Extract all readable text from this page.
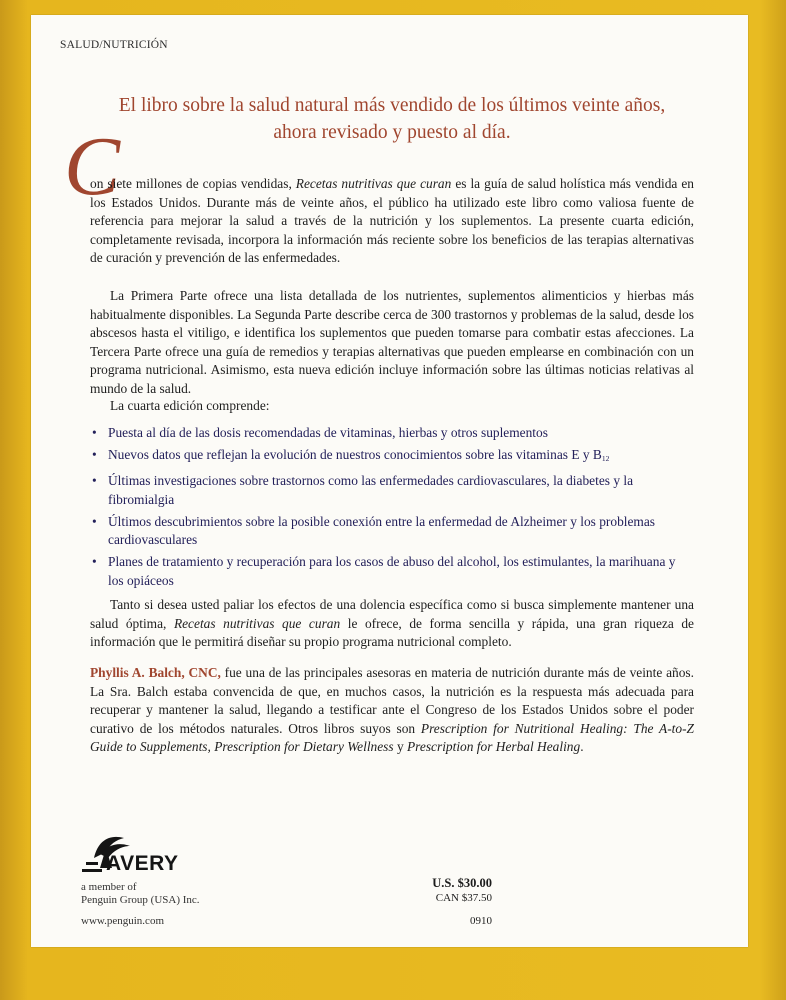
SALUD/NUTRICIÓN
El libro sobre la salud natural más vendido de los últimos veinte años,
ahora revisado y puesto al día.
C
on siete millones de copias vendidas, Recetas nutritivas que curan es la guía de salud holística más vendida en los Estados Unidos. Durante más de veinte años, el público ha utilizado este libro como valiosa fuente de referencia para mejorar la salud a través de la nutrición y los suplementos. La presente cuarta edición, completamente revisada, incorpora la información más reciente sobre los beneficios de las terapias alternativas de curación y prevención de las enfermedades.
La Primera Parte ofrece una lista detallada de los nutrientes, suplementos alimenticios y hierbas más habitualmente disponibles. La Segunda Parte describe cerca de 300 trastornos y problemas de la salud, desde los abscesos hasta el vitiligo, e identifica los suplementos que pueden tomarse para combatir estas afecciones. La Tercera Parte ofrece una guía de remedios y terapias alternativas que pueden emplearse en combinación con un programa nutricional. Asimismo, esta nueva edición incluye información sobre las últimas noticias relativas al mundo de la salud.
La cuarta edición comprende:
• Puesta al día de las dosis recomendadas de vitaminas, hierbas y otros suplementos
• Nuevos datos que reflejan la evolución de nuestros conocimientos sobre las vitaminas E y $B_{12}$
• Últimas investigaciones sobre trastornos como las enfermedades cardiovasculares, la diabetes y la fibromialgia
• Últimos descubrimientos sobre la posible conexión entre la enfermedad de Alzheimer y los problemas cardiovasculares
• Planes de tratamiento y recuperación para los casos de abuso del alcohol, los estimulantes, la marihuana y los opiáceos
Tanto si desea usted paliar los efectos de una dolencia específica como si busca simplemente mantener una salud óptima, Recetas nutritivas que curan le ofrece, de forma sencilla y rápida, una gran riqueza de información que le permitirá diseñar su propio programa nutricional completo.
Phyllis A. Balch, CNC, fue una de las principales asesoras en materia de nutrición durante más de veinte años. La Sra. Balch estaba convencida de que, en muchos casos, la nutrición es la respuesta más adecuada para recuperar y mantener la salud, llegando a testificar ante el Congreso de los Estados Unidos sobre el poder curativo de los métodos naturales. Otros libros suyos son Prescription for Nutritional Healing: The A-to-Z Guide to Supplements, Prescription for Dietary Wellness y Prescription for Herbal Healing.
AVERY
a member of
Penguin Group (USA) Inc.
www.penguin.com
U.S. $30.00
CAN $37.50
0910
